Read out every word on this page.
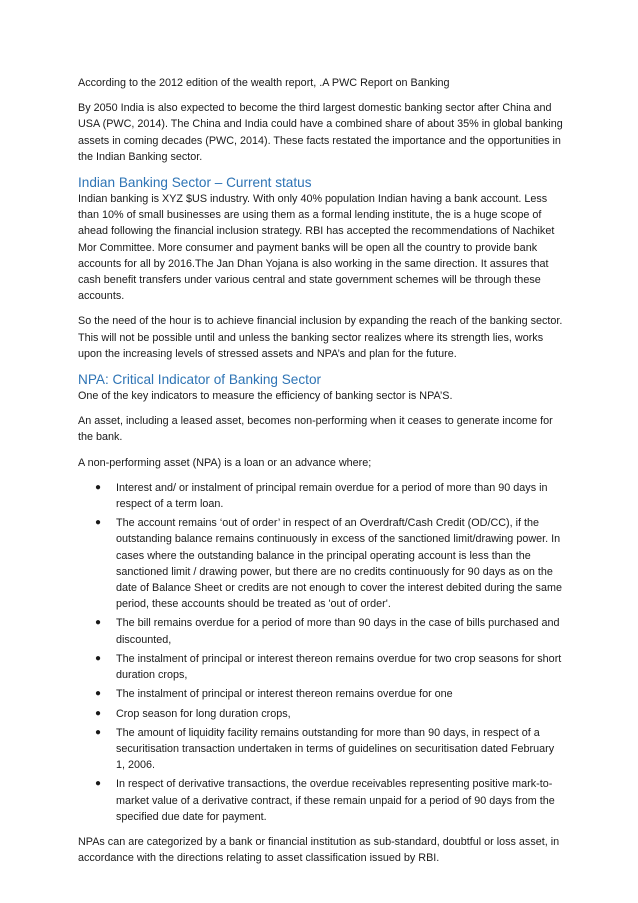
According to the 2012 edition of the wealth report, .A PWC Report on Banking

By 2050 India is also expected to become the third largest domestic banking sector after China and USA (PWC, 2014). The China and India could have a combined share of about 35% in global banking assets in coming decades (PWC, 2014). These facts restated the importance and the opportunities in the Indian Banking sector.

Indian Banking Sector – Current status

Indian banking is XYZ $US industry. With only 40% population Indian having a bank account. Less than 10% of small businesses are using them as a formal lending institute, the is a huge scope of ahead following the financial inclusion strategy. RBI has accepted the recommendations of Nachiket Mor Committee. More consumer and payment banks will be open all the country to provide bank accounts for all by 2016.The Jan Dhan Yojana is also working in the same direction. It assures that cash benefit transfers under various central and state government schemes will be through these accounts.

So the need of the hour is to achieve financial inclusion by expanding the reach of the banking sector. This will not be possible until and unless the banking sector realizes where its strength lies, works upon the increasing levels of stressed assets and NPA’s and plan for the future.

NPA: Critical Indicator of Banking Sector

One of the key indicators to measure the efficiency of banking sector is NPA’S.

An asset, including a leased asset, becomes non-performing when it ceases to generate income for the bank.

A non-performing asset (NPA) is a loan or an advance where;

● Interest and/ or instalment of principal remain overdue for a period of more than 90 days in respect of a term loan.
● The account remains ‘out of order’ in respect of an Overdraft/Cash Credit (OD/CC), if the outstanding balance remains continuously in excess of the sanctioned limit/drawing power. In cases where the outstanding balance in the principal operating account is less than the sanctioned limit / drawing power, but there are no credits continuously for 90 days as on the date of Balance Sheet or credits are not enough to cover the interest debited during the same period, these accounts should be treated as 'out of order'.
● The bill remains overdue for a period of more than 90 days in the case of bills purchased and discounted,
● The instalment of principal or interest thereon remains overdue for two crop seasons for short duration crops,
● The instalment of principal or interest thereon remains overdue for one
● Crop season for long duration crops,
● The amount of liquidity facility remains outstanding for more than 90 days, in respect of a securitisation transaction undertaken in terms of guidelines on securitisation dated February 1, 2006.
● In respect of derivative transactions, the overdue receivables representing positive mark-to-market value of a derivative contract, if these remain unpaid for a period of 90 days from the specified due date for payment.

NPAs can are categorized by a bank or financial institution as sub-standard, doubtful or loss asset, in accordance with the directions relating to asset classification issued by RBI.
